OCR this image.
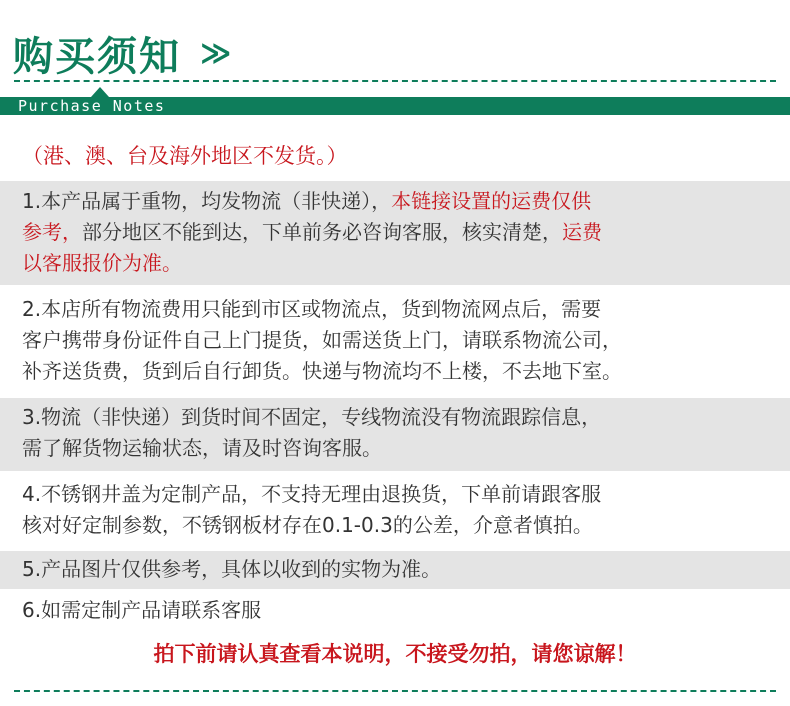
购买须知 ≫
Purchase Notes
（港、澳、台及海外地区不发货。）
1.本产品属于重物，均发物流（非快递），本链接设置的运费仅供
参考，部分地区不能到达，下单前务必咨询客服，核实清楚，运费
以客服报价为准。
2.本店所有物流费用只能到市区或物流点，货到物流网点后，需要
客户携带身份证件自己上门提货，如需送货上门，请联系物流公司，
补齐送货费，货到后自行卸货。快递与物流均不上楼，不去地下室。
3.物流（非快递）到货时间不固定，专线物流没有物流跟踪信息，
需了解货物运输状态，请及时咨询客服。
4.不锈钢井盖为定制产品，不支持无理由退换货，下单前请跟客服
核对好定制参数，不锈钢板材存在0.1-0.3的公差，介意者慎拍。
5.产品图片仅供参考，具体以收到的实物为准。
6.如需定制产品请联系客服
拍下前请认真查看本说明，不接受勿拍，请您谅解！
